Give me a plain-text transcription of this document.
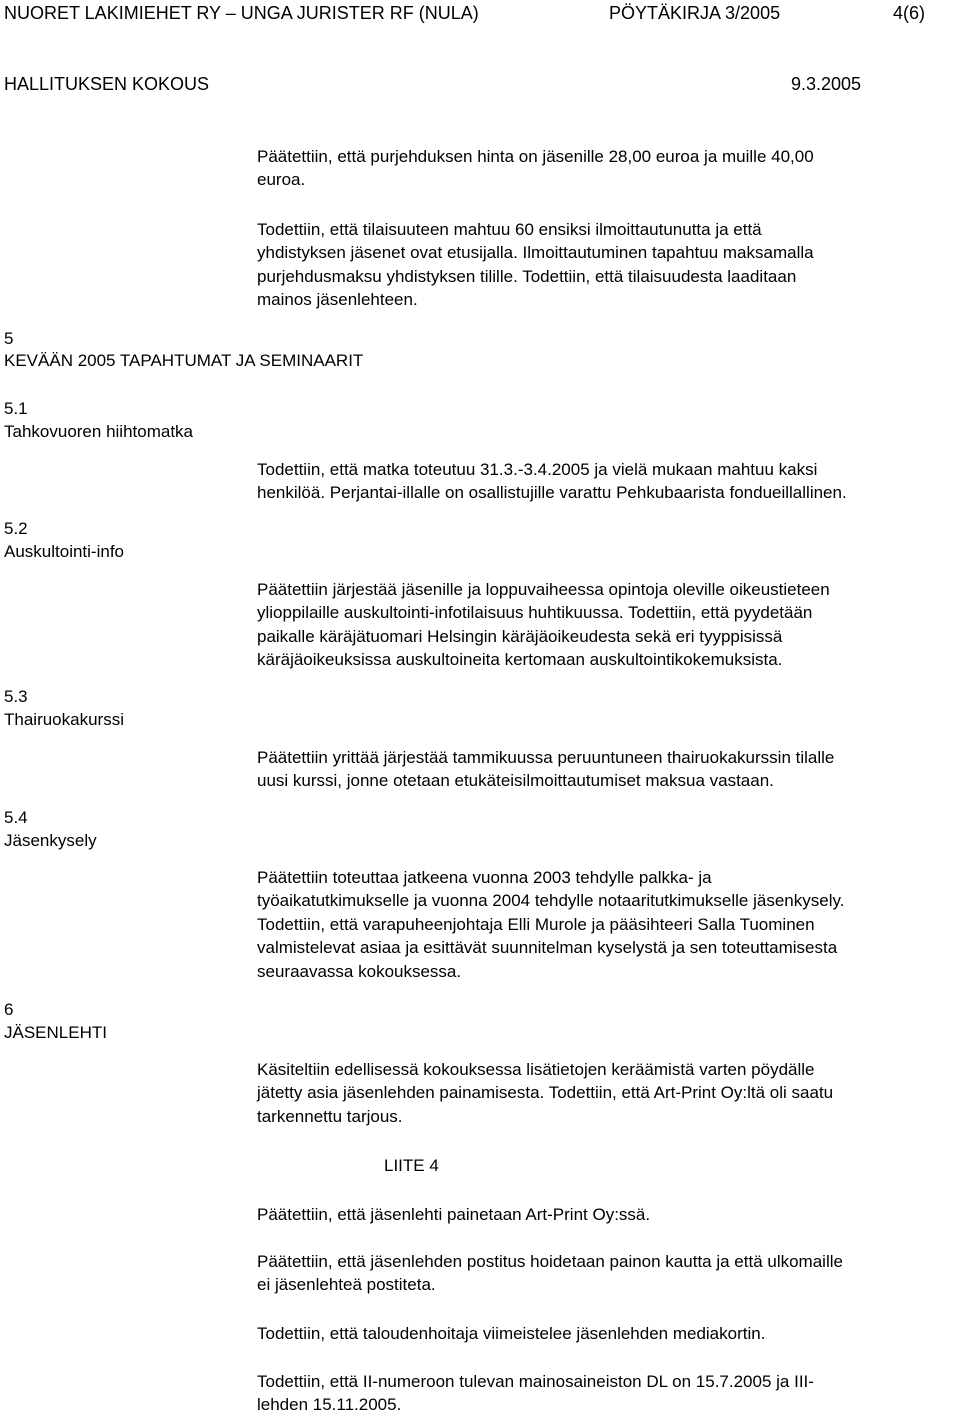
NUORET LAKIMIEHET RY – UNGA JURISTER RF (NULA)	PÖYTÄKIRJA 3/2005	4(6)
HALLITUKSEN KOKOUS	9.3.2005
5
KEVÄÄN 2005 TAPAHTUMAT JA SEMINAARIT
5.1
Tahkovuoren hiihtomatka
5.2
Auskultointi-info
5.3
Thairuokakurssi
5.4
Jäsenkysely
6
JÄSENLEHTI
Päätettiin, että purjehduksen hinta on jäsenille 28,00 euroa ja muille 40,00
euroa.
Todettiin, että tilaisuuteen mahtuu 60 ensiksi ilmoittautunutta ja että
yhdistyksen jäsenet ovat etusijalla. Ilmoittautuminen tapahtuu maksamalla
purjehdusmaksu yhdistyksen tilille. Todettiin, että tilaisuudesta laaditaan
mainos jäsenlehteen.
Todettiin, että matka toteutuu 31.3.-3.4.2005 ja vielä mukaan mahtuu kaksi
henkilöä. Perjantai-illalle on osallistujille varattu Pehkubaarista fondueillallinen.
Päätettiin järjestää jäsenille ja loppuvaiheessa opintoja oleville oikeustieteen
ylioppilaille auskultointi-infotilaisuus huhtikuussa. Todettiin, että pyydetään
paikalle käräjätuomari Helsingin käräjäoikeudesta sekä eri tyyppisissä
käräjäoikeuksissa auskultoineita kertomaan auskultointikokemuksista.
Päätettiin yrittää järjestää tammikuussa peruuntuneen thairuokakurssin tilalle
uusi kurssi, jonne otetaan etukäteisilmoittautumiset maksua vastaan.
Päätettiin toteuttaa jatkeena vuonna 2003 tehdylle palkka- ja
työaikatutkimukselle ja vuonna 2004 tehdylle notaaritutkimukselle jäsenkysely.
Todettiin, että varapuheenjohtaja Elli Murole ja pääsihteeri Salla Tuominen
valmistelevat asiaa ja esittävät suunnitelman kyselystä ja sen toteuttamisesta
seuraavassa kokouksessa.
Käsiteltiin edellisessä kokouksessa lisätietojen keräämistä varten pöydälle
jätetty asia jäsenlehden painamisesta. Todettiin, että Art-Print Oy:ltä oli saatu
tarkennettu tarjous.
LIITE 4
Päätettiin, että jäsenlehti painetaan Art-Print Oy:ssä.
Päätettiin, että jäsenlehden postitus hoidetaan painon kautta ja että ulkomaille
ei jäsenlehteä postiteta.
Todettiin, että taloudenhoitaja viimeistelee jäsenlehden mediakortin.
Todettiin, että II-numeroon tulevan mainosaineiston DL on 15.7.2005 ja III-
lehden 15.11.2005.
